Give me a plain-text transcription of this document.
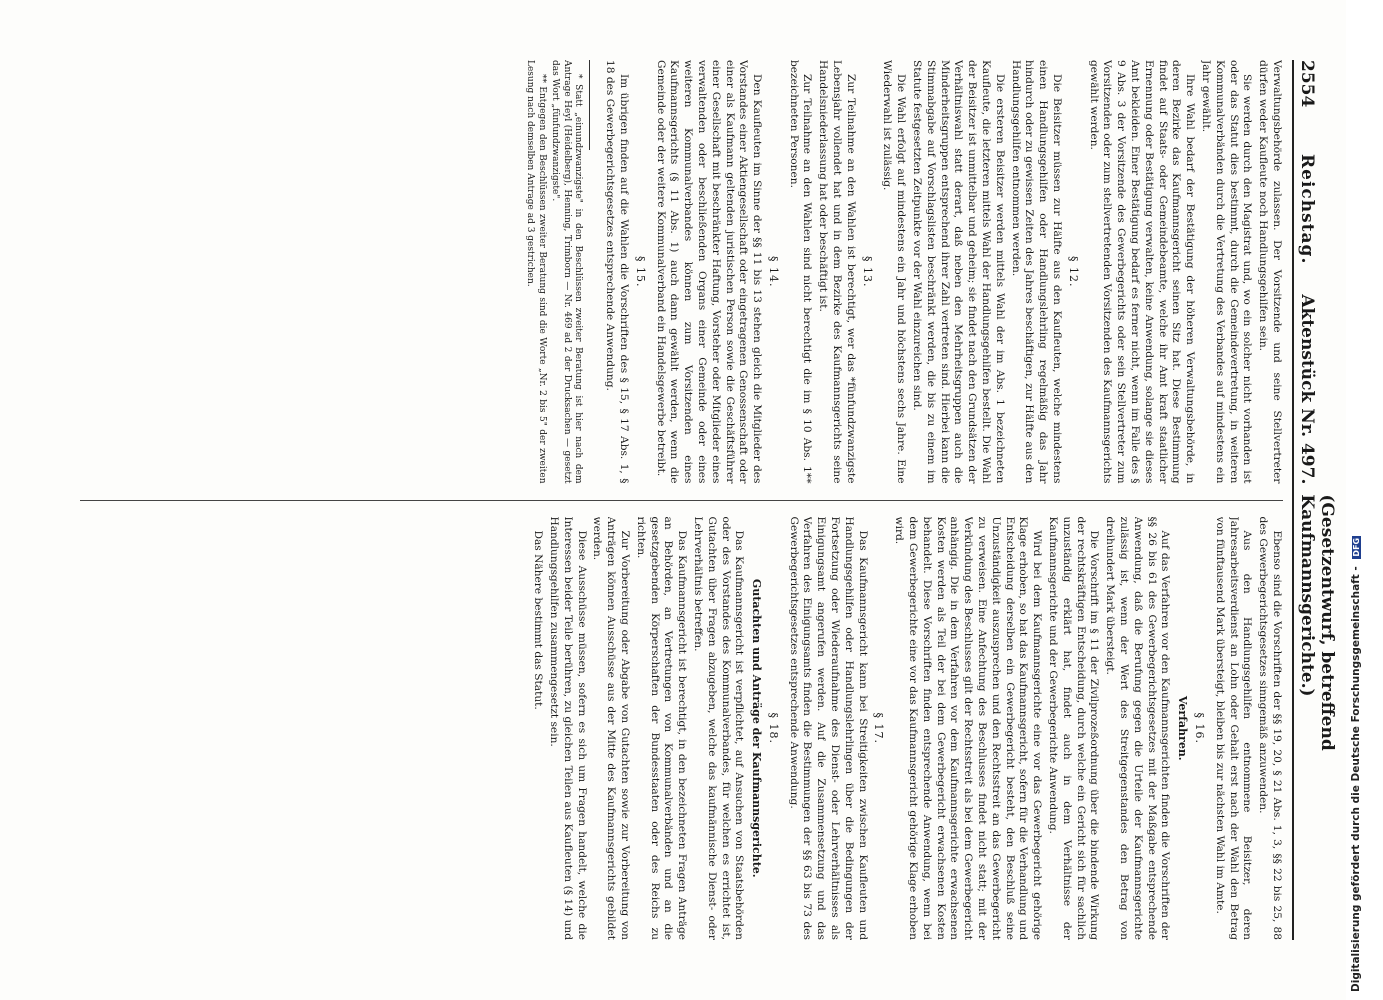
2554
Reichstag.
Aktenstück Nr. 497.
(Gesetzentwurf, betreffend Kaufmannsgerichte.)

Verwaltungsbehörde zulassen. Der Vorsitzende und seine Stellvertreter dürfen weder Kaufleute noch Handlungsgehilfen sein.

Sie werden durch den Magistrat und, wo ein solcher nicht vorhanden ist oder das Statut dies bestimmt, durch die Gemeindevertretung, in weiteren Kommunalverbänden durch die Vertretung des Verbandes auf mindestens ein Jahr gewählt.

Ihre Wahl bedarf der Bestätigung der höheren Verwaltungsbehörde, in deren Bezirke das Kaufmannsgericht seinen Sitz hat. Diese Bestimmung findet auf Staats- oder Gemeindebeamte, welche ihr Amt kraft staatlicher Ernennung oder Bestätigung verwalten, keine Anwendung, solange sie dieses Amt bekleiden. Einer Bestätigung bedarf es ferner nicht, wenn im Falle des § 9 Abs. 3 der Vorsitzende des Gewerbegerichts oder sein Stellvertreter zum Vorsitzenden oder zum stellvertretenden Vorsitzenden des Kaufmannsgerichts gewählt werden.

§ 12.

Die Beisitzer müssen zur Hälfte aus den Kaufleuten, welche mindestens einen Handlungsgehilfen oder Handlungslehrling regelmäßig das Jahr hindurch oder zu gewissen Zeiten des Jahres beschäftigen, zur Hälfte aus den Handlungsgehilfen entnommen werden.

Die ersteren Beisitzer werden mittels Wahl der im Abs. 1 bezeichneten Kaufleute, die letzteren mittels Wahl der Handlungsgehilfen bestellt. Die Wahl der Beisitzer ist unmittelbar und geheim; sie findet nach den Grundsätzen der Verhältniswahl statt derart, daß neben den Mehrheitsgruppen auch die Minderheitsgruppen entsprechend ihrer Zahl vertreten sind. Hierbei kann die Stimmabgabe auf Vorschlagslisten beschränkt werden, die bis zu einem im Statute festgesetzten Zeitpunkte vor der Wahl einzureichen sind.

Die Wahl erfolgt auf mindestens ein Jahr und höchstens sechs Jahre. Eine Wiederwahl ist zulässig.

§ 13.

Zur Teilnahme an den Wahlen ist berechtigt, wer das *fünfundzwanzigste Lebensjahr vollendet hat und in dem Bezirke des Kaufmannsgerichts seine Handelsniederlassung hat oder beschäftigt ist.

Zur Teilnahme an den Wahlen sind nicht berechtigt die im § 10 Abs. 1** bezeichneten Personen.

§ 14.

Den Kaufleuten im Sinne der §§ 11 bis 13 stehen gleich die Mitglieder des Vorstandes einer Aktiengesellschaft oder eingetragenen Genossenschaft oder einer als Kaufmann geltenden juristischen Person sowie die Geschäftsführer einer Gesellschaft mit beschränkter Haftung, Vorsteher oder Mitglieder eines verwaltenden oder beschließenden Organs einer Gemeinde oder eines weiteren Kommunalverbandes können zum Vorsitzenden eines Kaufmannsgerichts (§ 11 Abs. 1) auch dann gewählt werden, wenn die Gemeinde oder der weitere Kommunalverband ein Handelsgewerbe betreibt.

§ 15.

Im übrigen finden auf die Wahlen die Vorschriften des § 15, § 17 Abs. 1, § 18 des Gewerbegerichtsgesetzes entsprechende Anwendung.

* Statt „einundzwanzigste" in den Beschlüssen zweiter Beratung ist hier nach dem Antrage Heyl (Heidelberg), Henning, Trimborn — Nr. 469 ad 2 der Drucksachen — gesetzt das Wort „fünfundzwanzigste".

** Entgegen den Beschlüssen zweiter Beratung sind die Worte „Nr. 2 bis 5" der zweiten Lesung nach demselben Antrage ad 3 gestrichen.

Ebenso sind die Vorschriften der §§ 19, 20, § 21 Abs. 1, 3, §§ 22 bis 25, 88 des Gewerbegerichtsgesetzes sinngemäß anzuwenden.

Aus den Handlungsgehilfen entnommene Beisitzer, deren Jahresarbeitsverdienst an Lohn oder Gehalt erst nach der Wahl den Betrag von fünftausend Mark übersteigt, bleiben bis zur nächsten Wahl im Amte.

§ 16.
Verfahren.

Auf das Verfahren vor den Kaufmannsgerichten finden die Vorschriften der §§ 26 bis 61 des Gewerbegerichtsgesetzes mit der Maßgabe entsprechende Anwendung, daß die Berufung gegen die Urteile der Kaufmannsgerichte zulässig ist, wenn der Wert des Streitgegenstandes den Betrag von dreihundert Mark übersteigt.

Die Vorschrift im § 11 der Zivilprozeßordnung über die bindende Wirkung der rechtskräftigen Entscheidung, durch welche ein Gericht sich für sachlich unzuständig erklärt hat, findet auch in dem Verhältnisse der Kaufmannsgerichte und der Gewerbegerichte Anwendung.

Wird bei dem Kaufmannsgerichte eine vor das Gewerbegericht gehörige Klage erhoben, so hat das Kaufmannsgericht, sofern für die Verhandlung und Entscheidung derselben ein Gewerbegericht besteht, den Beschluß seine Unzuständigkeit auszusprechen und den Rechtsstreit an das Gewerbegericht zu verweisen. Eine Anfechtung des Beschlusses findet nicht statt; mit der Verkündung des Beschlusses gilt der Rechtsstreit als bei dem Gewerbegericht anhängig. Die in dem Verfahren vor dem Kaufmannsgerichte erwachsenen Kosten werden als Teil der bei dem Gewerbegericht erwachsenen Kosten behandelt. Diese Vorschriften finden entsprechende Anwendung, wenn bei dem Gewerbegerichte eine vor das Kaufmannsgericht gehörige Klage erhoben wird.

§ 17.

Das Kaufmannsgericht kann bei Streitigkeiten zwischen Kaufleuten und Handlungsgehilfen oder Handlungslehrlingen über die Bedingungen der Fortsetzung oder Wiederaufnahme des Dienst- oder Lehrverhältnisses als Einigungsamt angerufen werden. Auf die Zusammensetzung und das Verfahren des Einigungsamts finden die Bestimmungen der §§ 63 bis 73 des Gewerbegerichtsgesetzes entsprechende Anwendung.

§ 18.
Gutachten und Anträge der Kaufmannsgerichte.

Das Kaufmannsgericht ist verpflichtet, auf Ansuchen von Staatsbehörden oder des Vorstandes des Kommunalverbandes, für welchen es errichtet ist, Gutachten über Fragen abzugeben, welche das kaufmännische Dienst- oder Lehrverhältnis betreffen.

Das Kaufmannsgericht ist berechtigt, in den bezeichneten Fragen Anträge an Behörden, an Vertretungen von Kommunalverbänden und an die gesetzgebenden Körperschaften der Bundesstaaten oder des Reichs zu richten.

Zur Vorbereitung oder Abgabe von Gutachten sowie zur Vorbereitung von Anträgen können Ausschüsse aus der Mitte des Kaufmannsgerichts gebildet werden.

Diese Ausschüsse müssen, sofern es sich um Fragen handelt, welche die Interessen beider Teile berühren, zu gleichen Teilen aus Kaufleuten (§ 14) und Handlungsgehilfen zusammengesetzt sein.

Das Nähere bestimmt das Statut.	Digitalisierung gefördert durch die Deutsche Forschungsgemeinschaft - DFG
